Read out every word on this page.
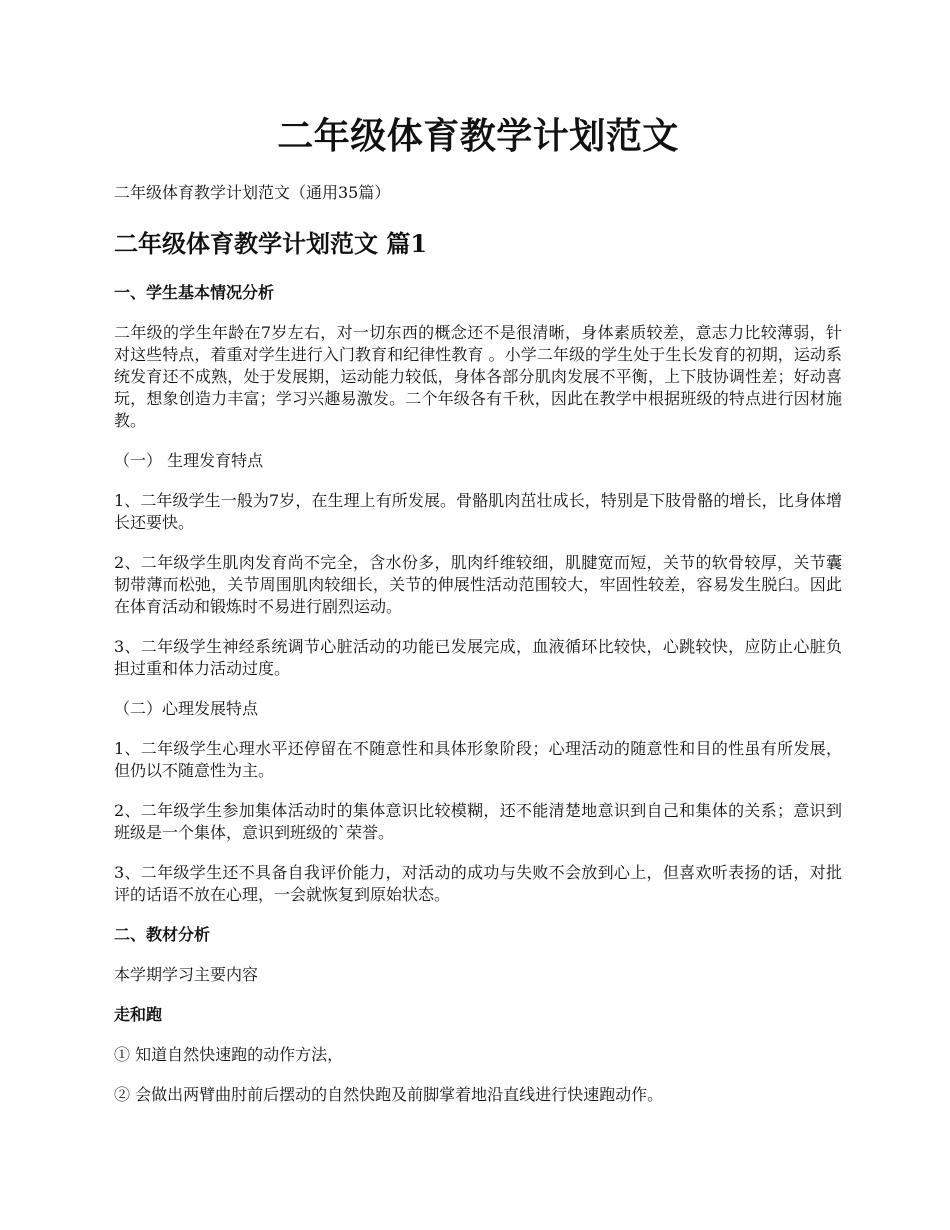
二年级体育教学计划范文

二年级体育教学计划范文（通用35篇）

二年级体育教学计划范文 篇1

一、学生基本情况分析

二年级的学生年龄在7岁左右，对一切东西的概念还不是很清晰，身体素质较差，意志力比较薄弱，针对这些特点，着重对学生进行入门教育和纪律性教育 。小学二年级的学生处于生长发育的初期，运动系统发育还不成熟，处于发展期，运动能力较低，身体各部分肌肉发展不平衡，上下肢协调性差；好动喜玩，想象创造力丰富；学习兴趣易激发。二个年级各有千秋，因此在教学中根据班级的特点进行因材施教。

（一） 生理发育特点

1、二年级学生一般为7岁，在生理上有所发展。骨骼肌肉茁壮成长，特别是下肢骨骼的增长，比身体增长还要快。

2、二年级学生肌肉发育尚不完全，含水份多，肌肉纤维较细，肌腱宽而短，关节的软骨较厚，关节囊韧带薄而松弛，关节周围肌肉较细长，关节的伸展性活动范围较大，牢固性较差，容易发生脱臼。因此在体育活动和锻炼时不易进行剧烈运动。

3、二年级学生神经系统调节心脏活动的功能已发展完成，血液循环比较快，心跳较快，应防止心脏负担过重和体力活动过度。

（二）心理发展特点

1、二年级学生心理水平还停留在不随意性和具体形象阶段；心理活动的随意性和目的性虽有所发展，但仍以不随意性为主。

2、二年级学生参加集体活动时的集体意识比较模糊，还不能清楚地意识到自己和集体的关系；意识到班级是一个集体，意识到班级的`荣誉。

3、二年级学生还不具备自我评价能力，对活动的成功与失败不会放到心上，但喜欢听表扬的话，对批评的话语不放在心理，一会就恢复到原始状态。

二、教材分析

本学期学习主要内容

走和跑

① 知道自然快速跑的动作方法，

② 会做出两臂曲肘前后摆动的自然快跑及前脚掌着地沿直线进行快速跑动作。
